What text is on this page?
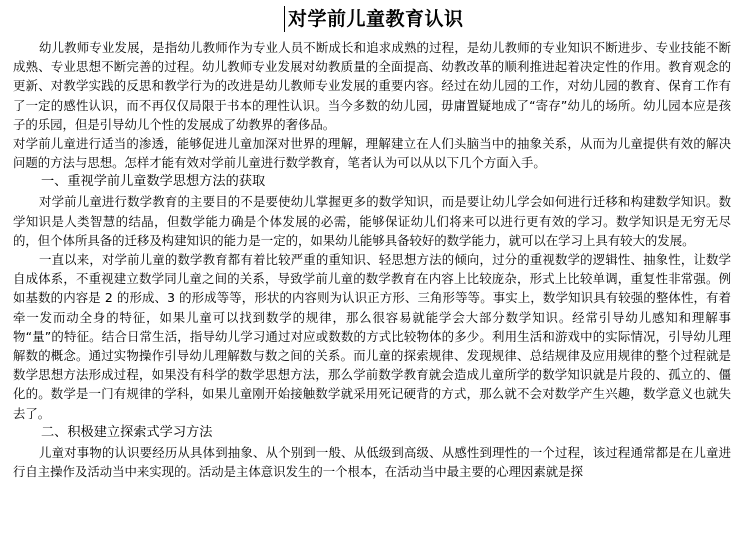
对学前儿童教育认识

幼儿教师专业发展，是指幼儿教师作为专业人员不断成长和追求成熟的过程，是幼儿教师的专业知识不断进步、专业技能不断成熟、专业思想不断完善的过程。幼儿教师专业发展对幼教质量的全面提高、幼教改革的顺利推进起着决定性的作用。教育观念的更新、对教学实践的反思和教学行为的改进是幼儿教师专业发展的重要内容。经过在幼儿园的工作，对幼儿园的教育、保育工作有了一定的感性认识，而不再仅仅局限于书本的理性认识。当今多数的幼儿园，毋庸置疑地成了“寄存”幼儿的场所。幼儿园本应是孩子的乐园，但是引导幼儿个性的发展成了幼教界的奢侈品。

对学前儿童进行适当的渗透，能够促进儿童加深对世界的理解，理解建立在人们头脑当中的抽象关系，从而为儿童提供有效的解决问题的方法与思想。怎样才能有效对学前儿童进行数学教育，笔者认为可以从以下几个方面入手。

一、重视学前儿童数学思想方法的获取

对学前儿童进行数学教育的主要目的不是要使幼儿掌握更多的数学知识，而是要让幼儿学会如何进行迁移和构建数学知识。数学知识是人类智慧的结晶，但数学能力确是个体发展的必需，能够保证幼儿们将来可以进行更有效的学习。数学知识是无穷无尽的，但个体所具备的迁移及构建知识的能力是一定的，如果幼儿能够具备较好的数学能力，就可以在学习上具有较大的发展。

一直以来，对学前儿童的数学教育都有着比较严重的重知识、轻思想方法的倾向，过分的重视数学的逻辑性、抽象性，让数学自成体系，不重视建立数学同儿童之间的关系，导致学前儿童的数学教育在内容上比较庞杂，形式上比较单调，重复性非常强。例如基数的内容是 2 的形成、3 的形成等等，形状的内容则为认识正方形、三角形等等。事实上，数学知识具有较强的整体性，有着牵一发而动全身的特征，如果儿童可以找到数学的规律，那么很容易就能学会大部分数学知识。经常引导幼儿感知和理解事物“量”的特征。结合日常生活，指导幼儿学习通过对应或数数的方式比较物体的多少。利用生活和游戏中的实际情况，引导幼儿理解数的概念。通过实物操作引导幼儿理解数与数之间的关系。而儿童的探索规律、发现规律、总结规律及应用规律的整个过程就是数学思想方法形成过程，如果没有科学的数学思想方法，那么学前数学教育就会造成儿童所学的数学知识就是片段的、孤立的、僵化的。数学是一门有规律的学科，如果儿童刚开始接触数学就采用死记硬背的方式，那么就不会对数学产生兴趣，数学意义也就失去了。

二、积极建立探索式学习方法

儿童对事物的认识要经历从具体到抽象、从个别到一般、从低级到高级、从感性到理性的一个过程，该过程通常都是在儿童进行自主操作及活动当中来实现的。活动是主体意识发生的一个根本，在活动当中最主要的心理因素就是探
